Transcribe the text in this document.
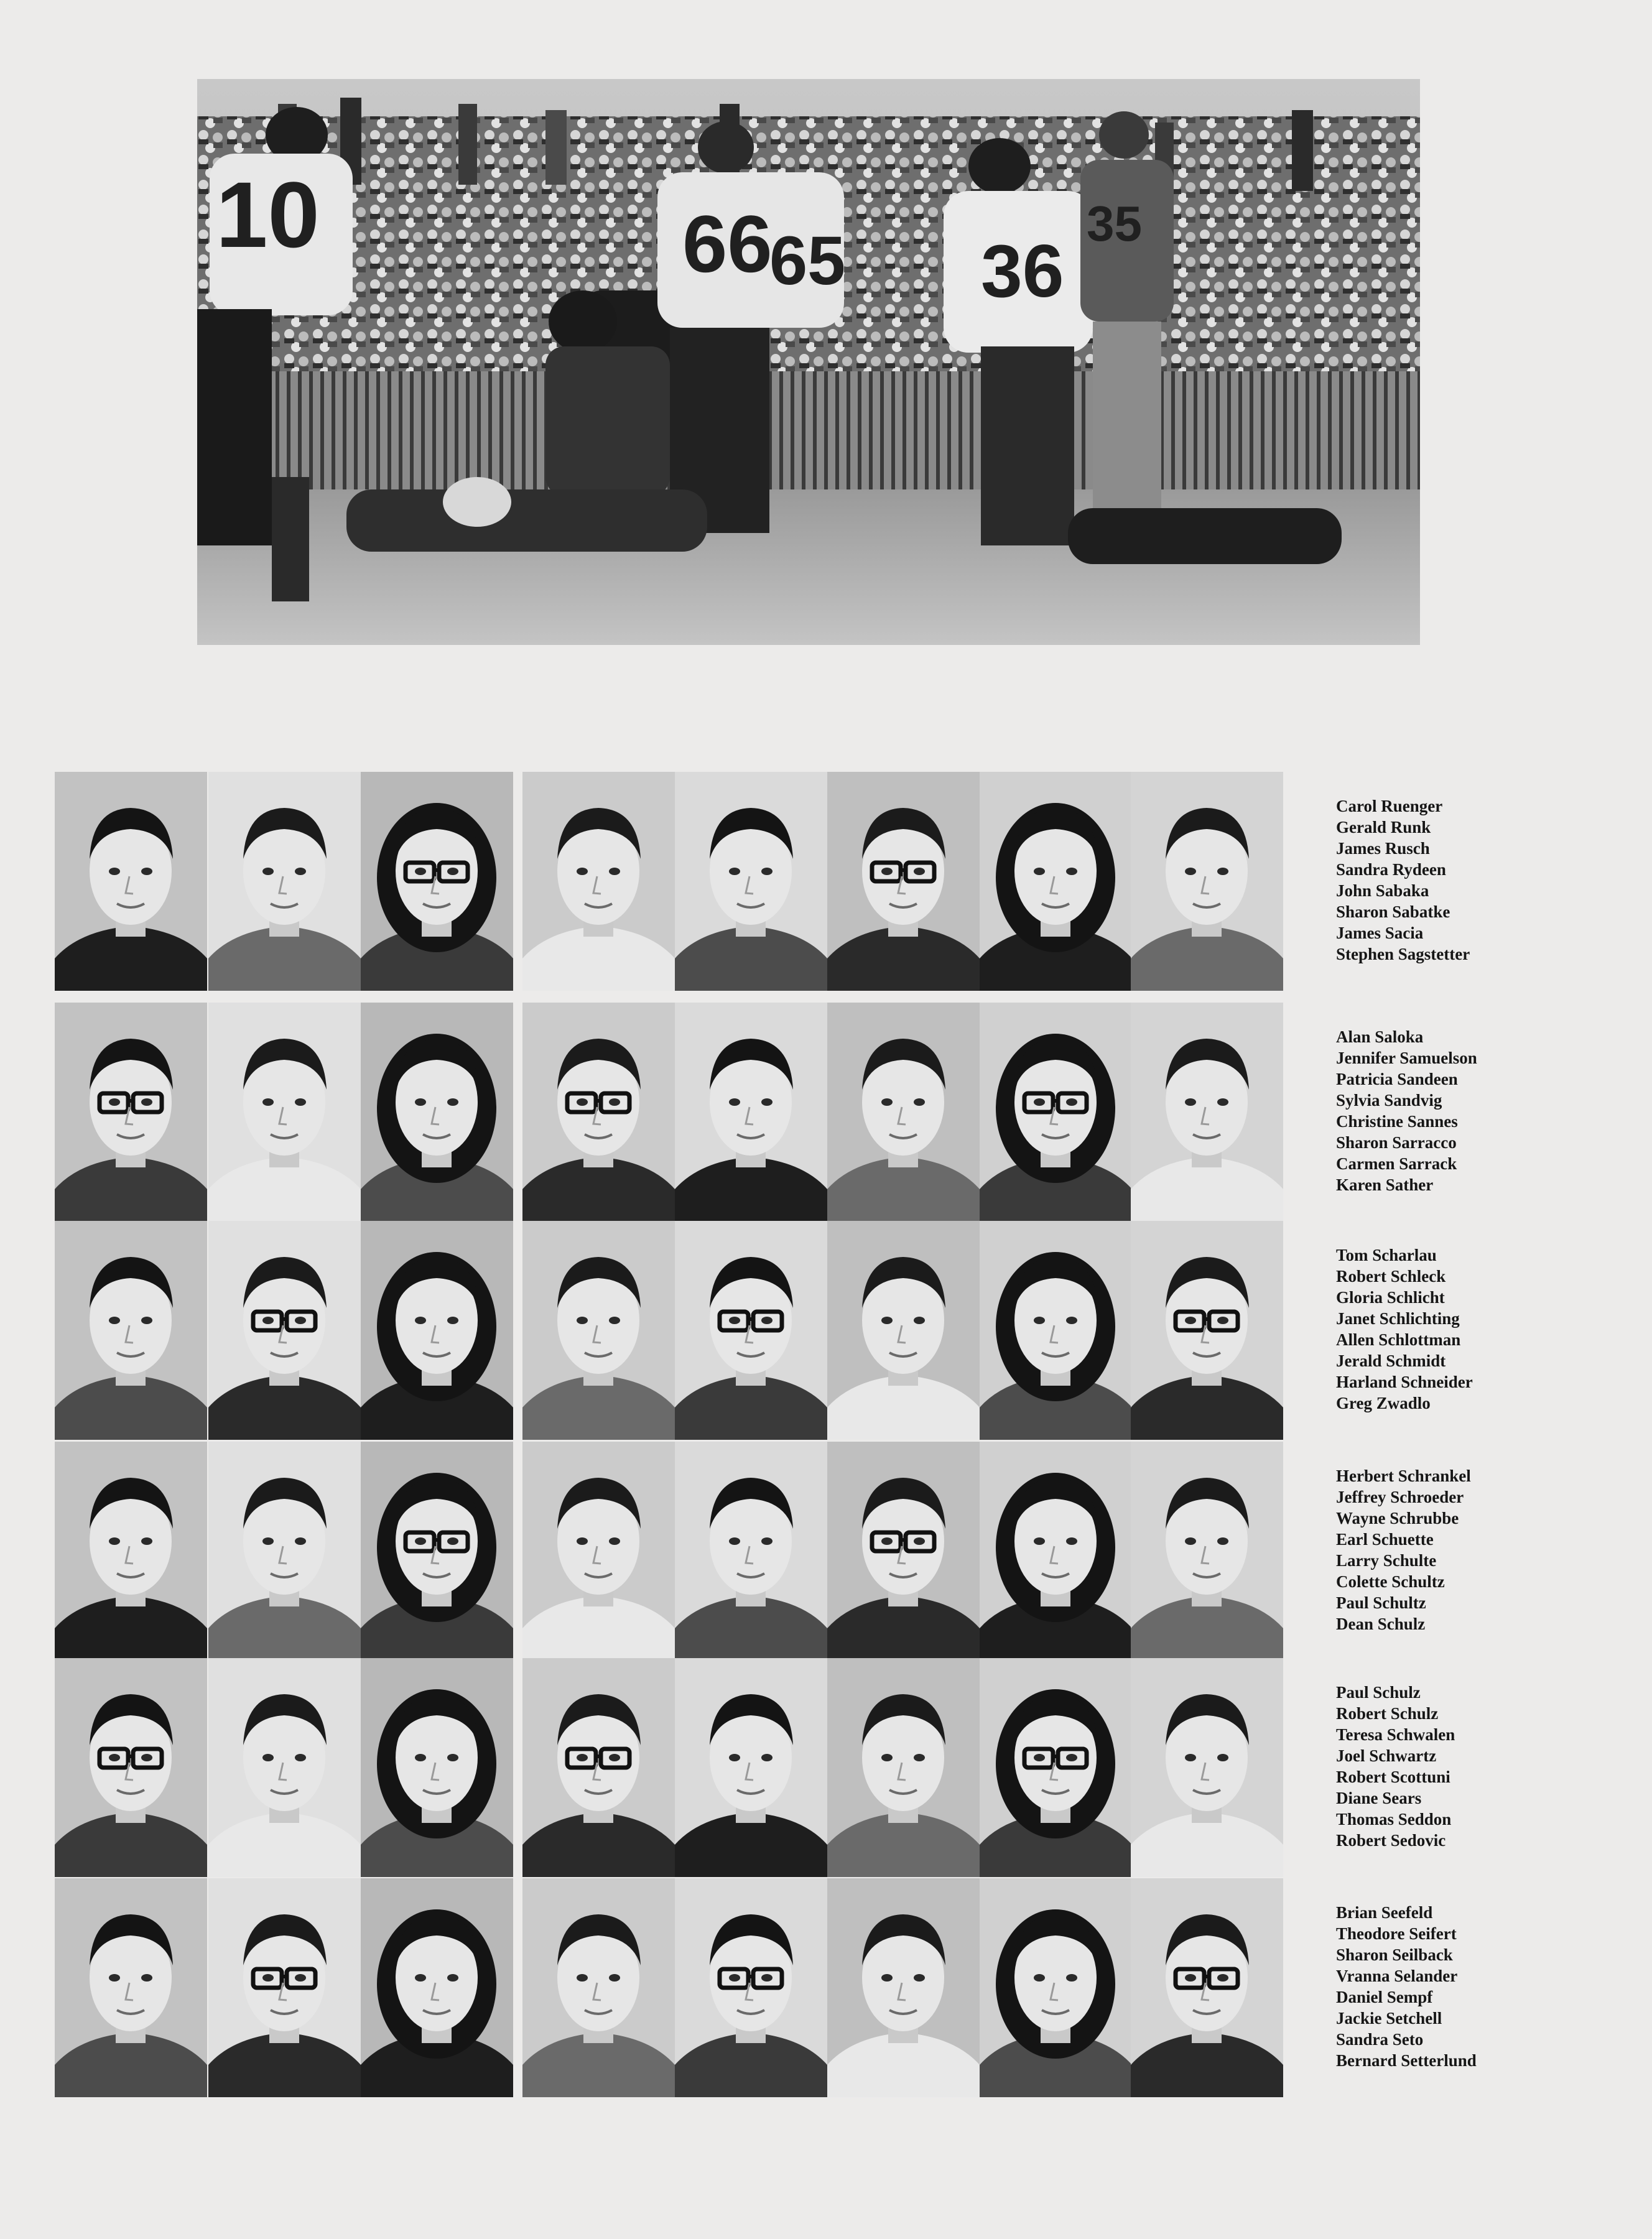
10	66
65 36
35
Carol Ruenger
Gerald Runk
James Rusch
Sandra Rydeen
John Sabaka
Sharon Sabatke
James Sacia
Stephen Sagstetter
Alan Saloka
Jennifer Samuelson
Patricia Sandeen
Sylvia Sandvig
Christine Sannes
Sharon Sarracco
Carmen Sarrack
Karen Sather
Tom Scharlau
Robert Schleck
Gloria Schlicht
Janet Schlichting
Allen Schlottman
Jerald Schmidt
Harland Schneider
Greg Zwadlo
Herbert Schrankel
Jeffrey Schroeder
Wayne Schrubbe
Earl Schuette
Larry Schulte
Colette Schultz
Paul Schultz
Dean Schulz
Paul Schulz
Robert Schulz
Teresa Schwalen
Joel Schwartz
Robert Scottuni
Diane Sears
Thomas Seddon
Robert Sedovic
Brian Seefeld
Theodore Seifert
Sharon Seilback
Vranna Selander
Daniel Sempf
Jackie Setchell
Sandra Seto
Bernard Setterlund
